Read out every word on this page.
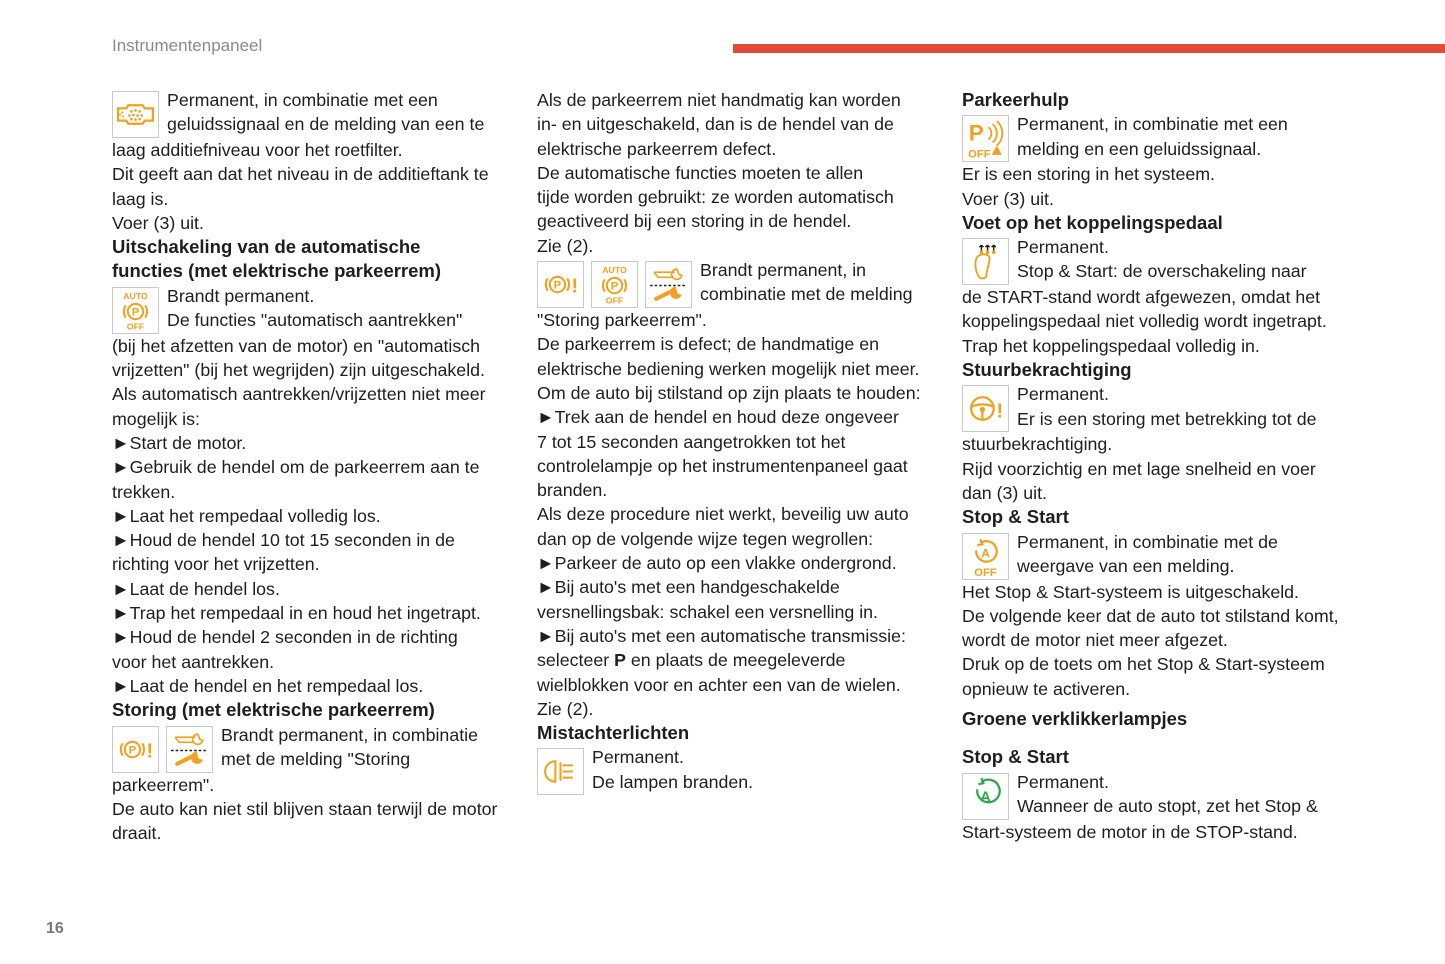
Instrumentenpaneel

Permanent, in combinatie met een

geluidssignaal en de melding van een te

laag additiefniveau voor het roetfilter.

Dit geeft aan dat het niveau in de additieftank te

laag is.

Voer (3) uit.

Uitschakeling van de automatische
functies (met elektrische parkeerrem)
AUTO
P
OFF

Brandt permanent.

De functies "automatisch aantrekken"

(bij het afzetten van de motor) en "automatisch

vrijzetten" (bij het wegrijden) zijn uitgeschakeld.

Als automatisch aantrekken/vrijzetten niet meer

mogelijk is:

►Start de motor.

►Gebruik de hendel om de parkeerrem aan te

trekken.

►Laat het rempedaal volledig los.

►Houd de hendel 10 tot 15 seconden in de

richting voor het vrijzetten.

►Laat de hendel los.

►Trap het rempedaal in en houd het ingetrapt.

►Houd de hendel 2 seconden in de richting

voor het aantrekken.

►Laat de hendel en het rempedaal los.

Storing (met elektrische parkeerrem)
P !

Brandt permanent, in combinatie

met de melding "Storing

parkeerrem".

De auto kan niet stil blijven staan terwijl de motor

draait.

Als de parkeerrem niet handmatig kan worden

in- en uitgeschakeld, dan is de hendel van de

elektrische parkeerrem defect.

De automatische functies moeten te allen

tijde worden gebruikt: ze worden automatisch

geactiveerd bij een storing in de hendel.

Zie (2).

P !
AUTO
P
OFF

Brandt permanent, in

combinatie met de melding

"Storing parkeerrem".

De parkeerrem is defect; de handmatige en

elektrische bediening werken mogelijk niet meer.

Om de auto bij stilstand op zijn plaats te houden:

►Trek aan de hendel en houd deze ongeveer

7 tot 15 seconden aangetrokken tot het

controlelampje op het instrumentenpaneel gaat

branden.

Als deze procedure niet werkt, beveilig uw auto

dan op de volgende wijze tegen wegrollen:

►Parkeer de auto op een vlakke ondergrond.

►Bij auto's met een handgeschakelde

versnellingsbak: schakel een versnelling in.

►Bij auto's met een automatische transmissie:

selecteer P en plaats de meegeleverde

wielblokken voor en achter een van de wielen.

Zie (2).

Mistachterlichten

Permanent.

De lampen branden.

Parkeerhulp
P
OFF

Permanent, in combinatie met een

melding en een geluidssignaal.

Er is een storing in het systeem.

Voer (3) uit.

Voet op het koppelingspedaal

Permanent.

Stop & Start: de overschakeling naar

de START-stand wordt afgewezen, omdat het

koppelingspedaal niet volledig wordt ingetrapt.

Trap het koppelingspedaal volledig in.

Stuurbekrachtiging
!

Permanent.

Er is een storing met betrekking tot de

stuurbekrachtiging.

Rijd voorzichtig en met lage snelheid en voer

dan (3) uit.

Stop & Start
A
OFF

Permanent, in combinatie met de

weergave van een melding.

Het Stop & Start-systeem is uitgeschakeld.

De volgende keer dat de auto tot stilstand komt,

wordt de motor niet meer afgezet.

Druk op de toets om het Stop & Start-systeem

opnieuw te activeren.

Groene verklikkerlampjes
Stop & Start
A

Permanent.

Wanneer de auto stopt, zet het Stop &

Start-systeem de motor in de STOP-stand.

16
